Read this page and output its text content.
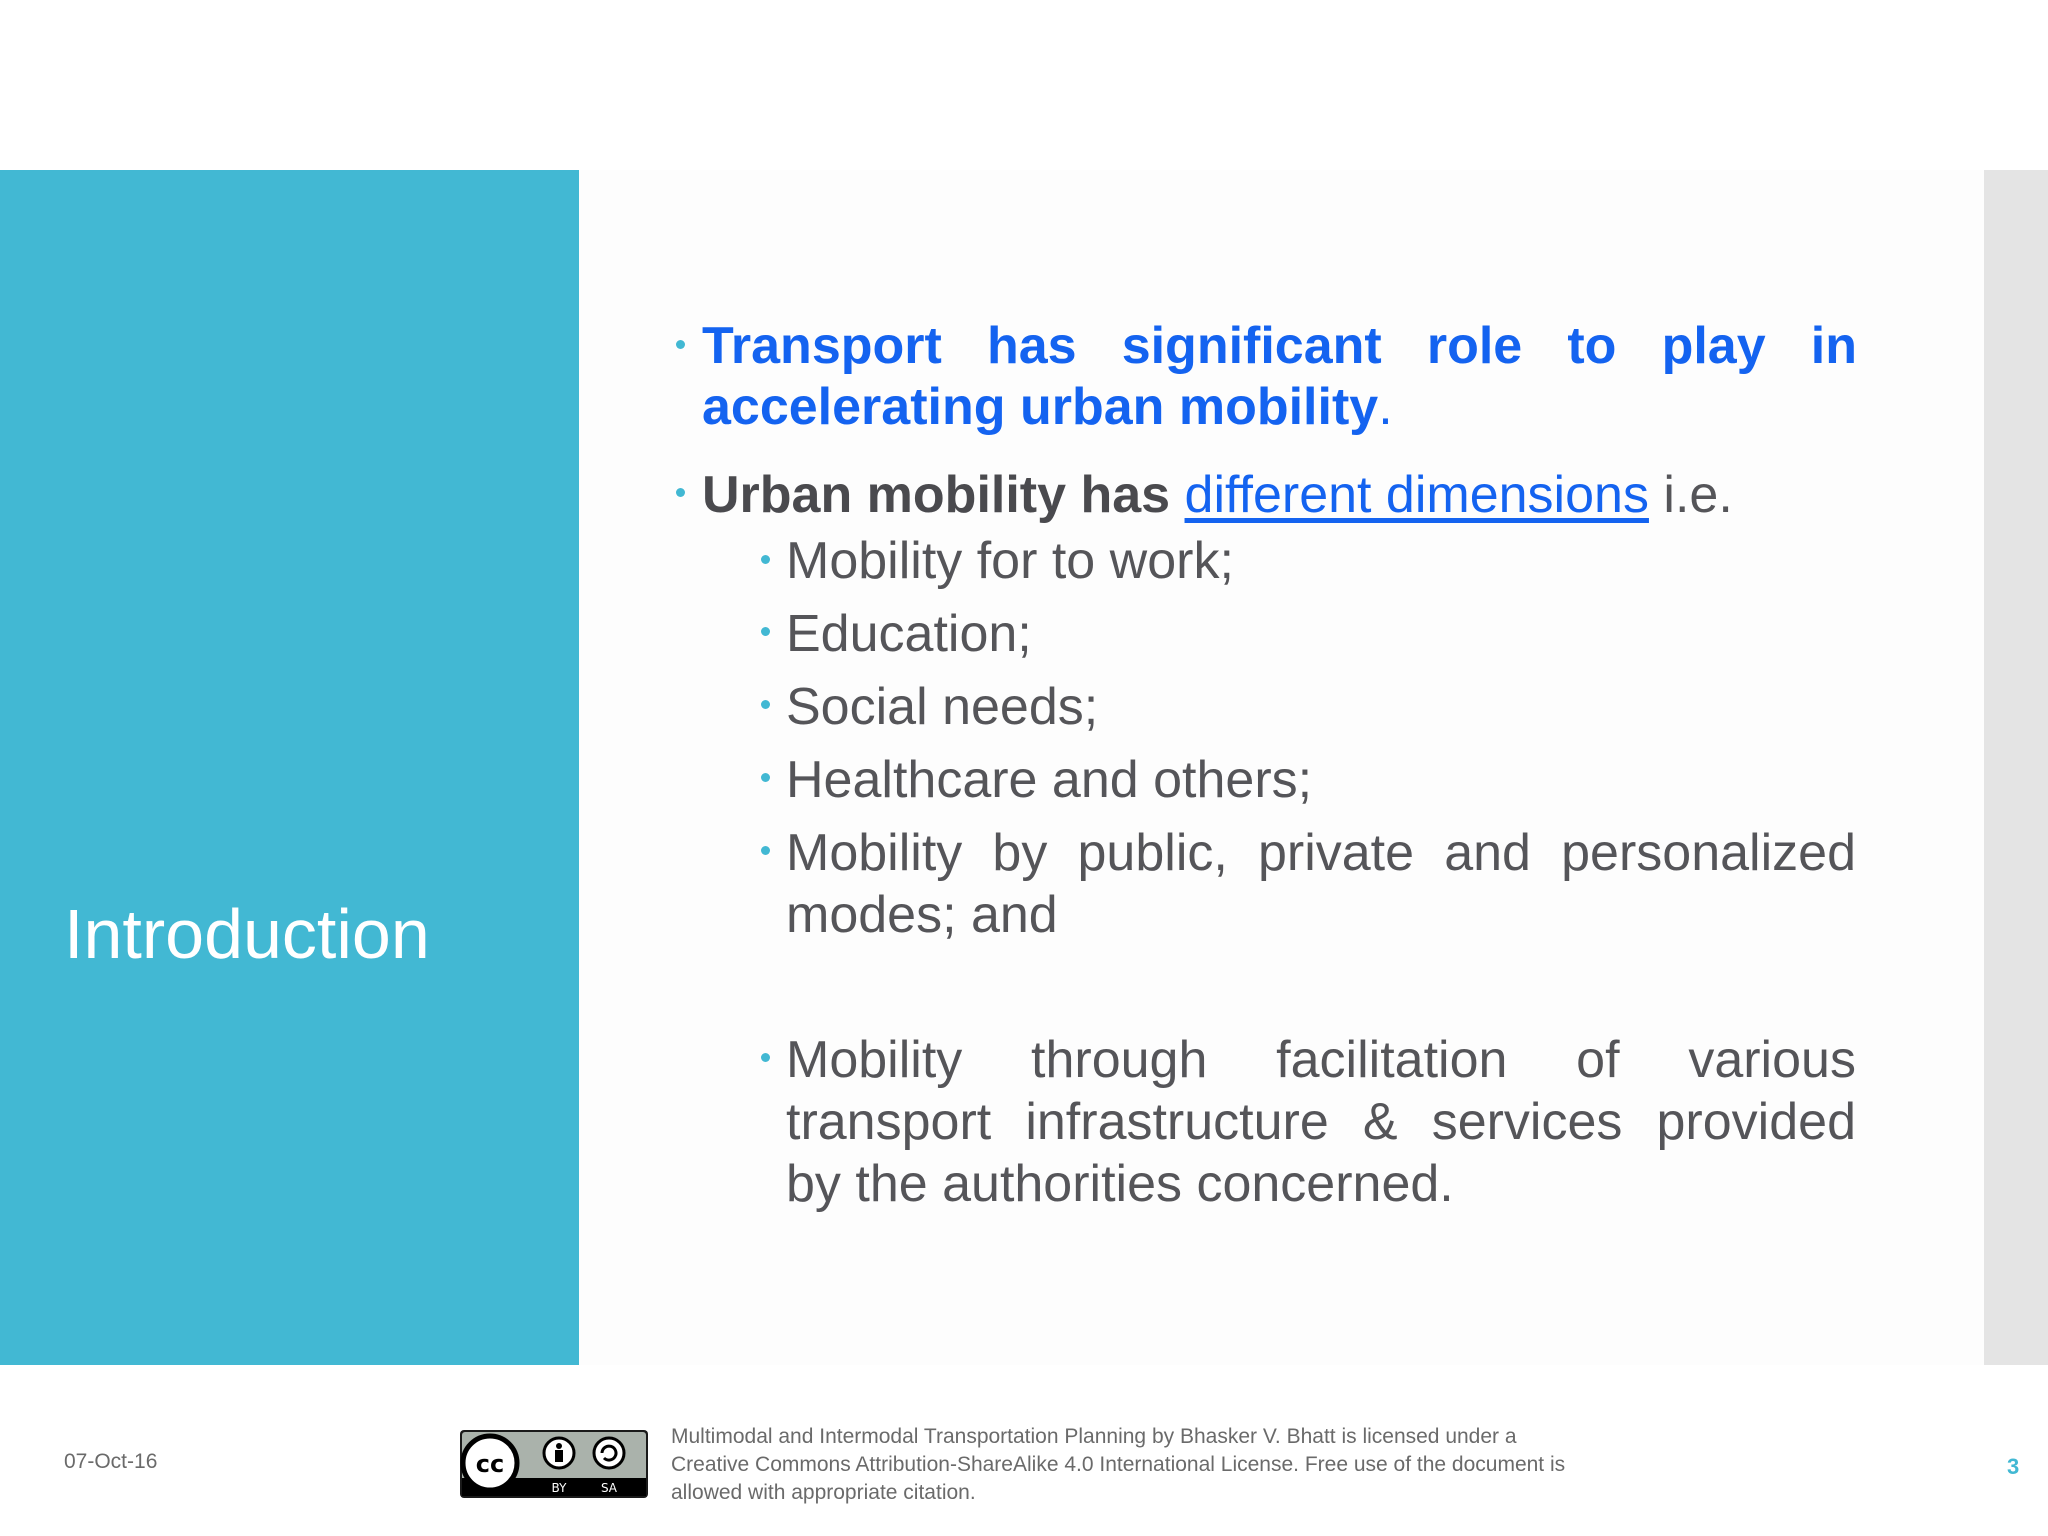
Introduction
Transport has significant role to play in
accelerating urban mobility.
Urban mobility has different dimensions i.e.
Mobility for to work;
Education;
Social needs;
Healthcare and others;
Mobility by public, private and personalized
modes; and
Mobility through facilitation of various
transport infrastructure & services provided
by the authorities concerned.
07-Oct-16	cc
BY	SA
Multimodal and Intermodal Transportation Planning by Bhasker V. Bhatt is licensed under a
Creative Commons Attribution-ShareAlike 4.0 International License. Free use of the document is
allowed with appropriate citation.
3
